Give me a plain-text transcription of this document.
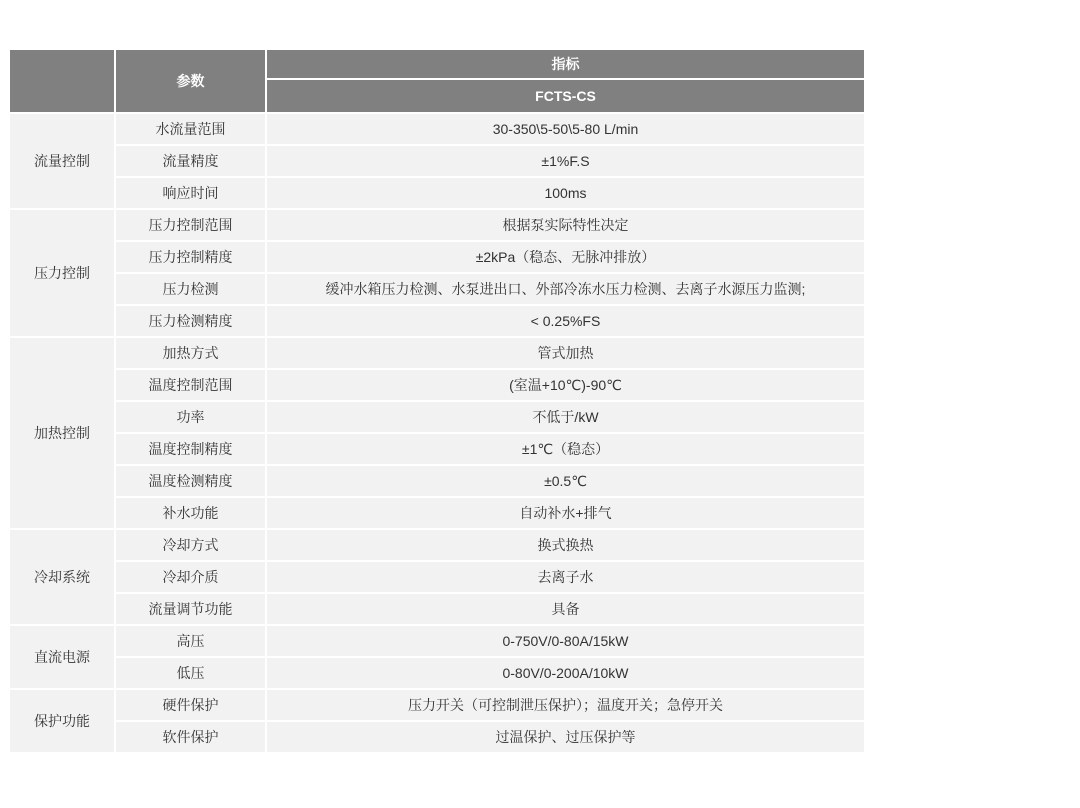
	参数	指标
		FCTS-CS
流量控制	水流量范围	30-350\5-50\5-80 L/min
	流量精度	±1%F.S
	响应时间	100ms
压力控制	压力控制范围	根据泵实际特性决定
	压力控制精度	±2kPa（稳态、无脉冲排放）
	压力检测	缓冲水箱压力检测、水泵进出口、外部冷冻水压力检测、去离子水源压力监测;
	压力检测精度	< 0.25%FS
加热控制	加热方式	管式加热
	温度控制范围	(室温+10℃)-90℃
	功率	不低于/kW
	温度控制精度	±1℃（稳态）
	温度检测精度	±0.5℃
	补水功能	自动补水+排气
冷却系统	冷却方式	换式换热
	冷却介质	去离子水
	流量调节功能	具备
直流电源	高压	0-750V/0-80A/15kW
	低压	0-80V/0-200A/10kW
保护功能	硬件保护	压力开关（可控制泄压保护）；温度开关；急停开关
	软件保护	过温保护、过压保护等
